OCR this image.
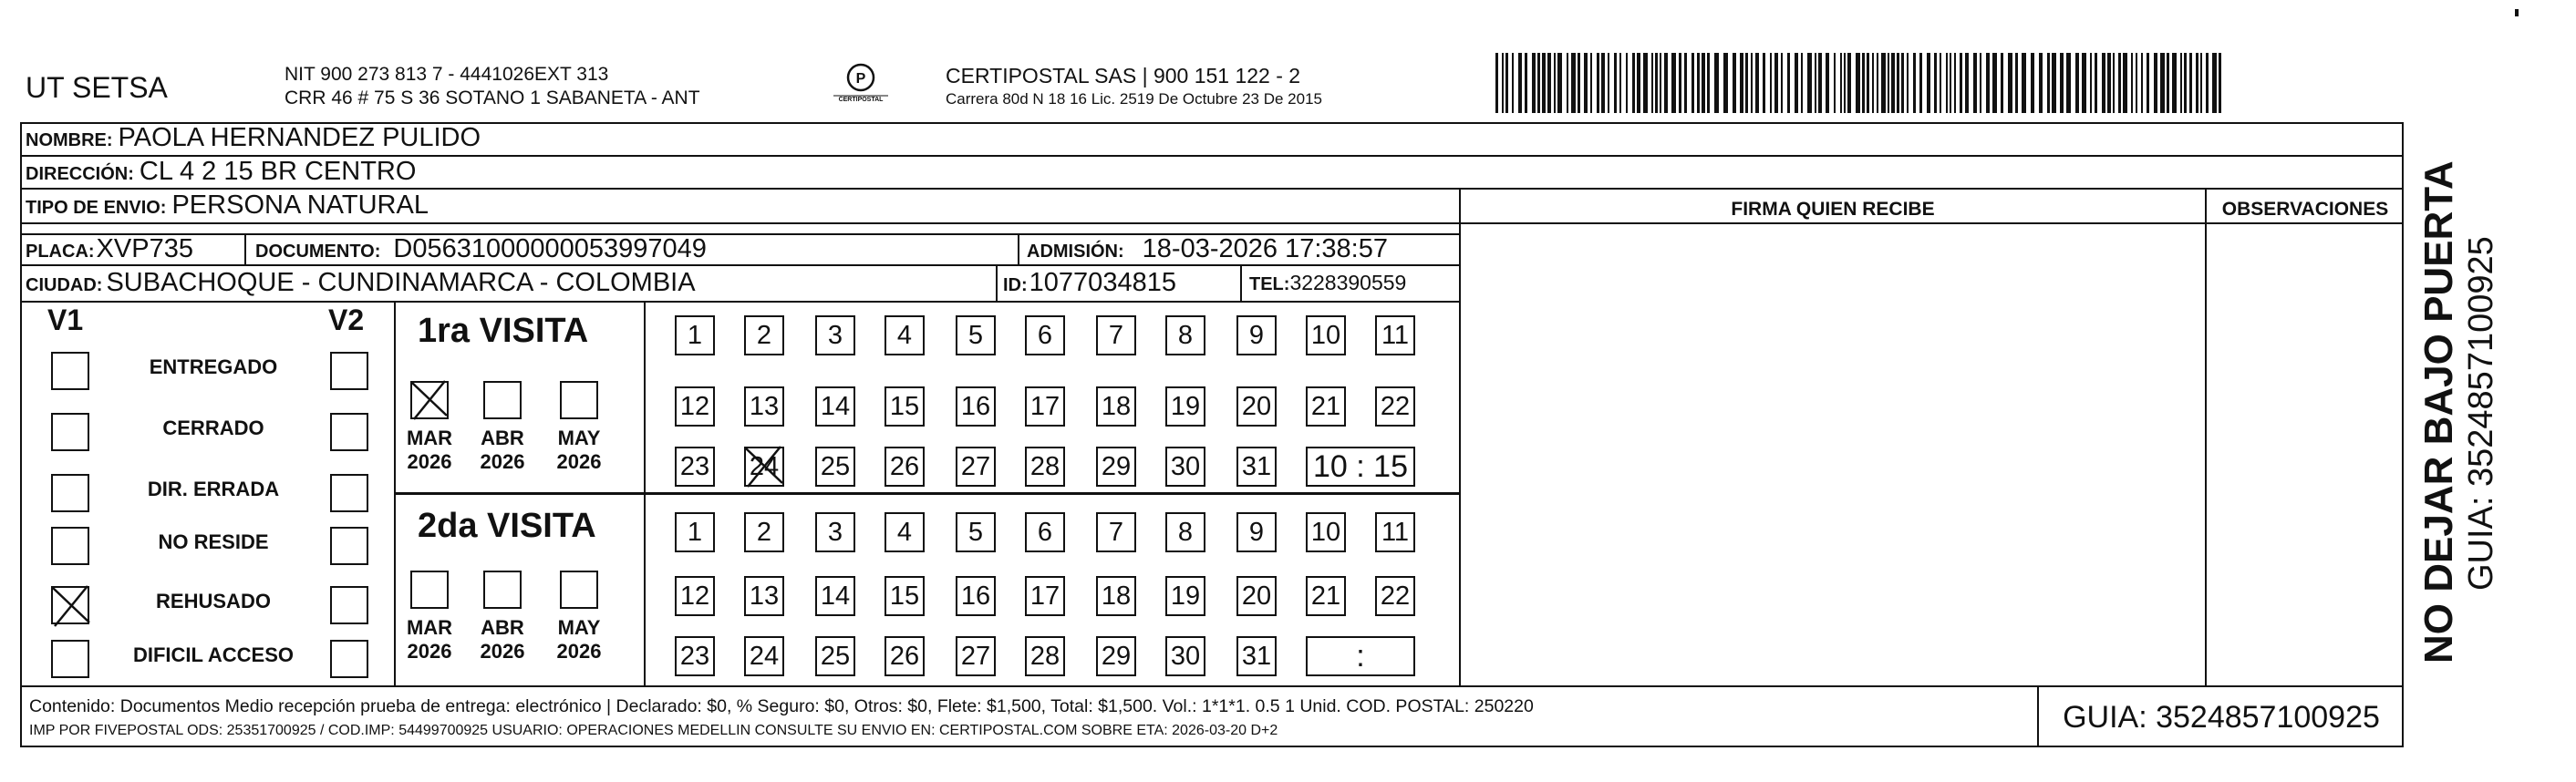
UT SETSA	NIT 900 273 813 7 - 4441026EXT 313
CRR 46 # 75 S 36 SOTANO 1 SABANETA - ANT
P
CERTIPOSTAL
CERTIPOSTAL SAS | 900 151 122 - 2
Carrera 80d N 18 16 Lic. 2519 De Octubre 23 De 2015
NOMBRE: PAOLA HERNANDEZ PULIDO
DIRECCIÓN: CL 4 2 15 BR CENTRO
TIPO DE ENVIO: PERSONA NATURAL
PLACA: XVP735	DOCUMENTO: D05631000000053997049	ADMISIÓN: 18-03-2026 17:38:57
CIUDAD: SUBACHOQUE - CUNDINAMARCA - COLOMBIA	ID: 1077034815	TEL: 3228390559
FIRMA QUIEN RECIBE	OBSERVACIONES
V1	V2
ENTREGADO
CERRADO
DIR. ERRADA
NO RESIDE
REHUSADO
DIFICIL ACCESO
1ra VISITA
2da VISITA
MAR
2026
ABR
2026
MAY
2026
MAR
2026
ABR
2026
MAY
2026
1 2 3 4 5 6 7 8 9 10 11
12 13 14 15 16 17 18 19 20 21 22
23 24 25 26 27 28 29 30 31 10 : 15
1 2 3 4 5 6 7 8 9 10 11
12 13 14 15 16 17 18 19 20 21 22
23 24 25 26 27 28 29 30 31	:
Contenido: Documentos Medio recepción prueba de entrega: electrónico | Declarado: $0, % Seguro: $0, Otros: $0, Flete: $1,500, Total: $1,500. Vol.: 1*1*1. 0.5 1 Unid. COD. POSTAL: 250220
IMP POR FIVEPOSTAL ODS: 25351700925 / COD.IMP: 54499700925 USUARIO: OPERACIONES MEDELLIN CONSULTE SU ENVIO EN: CERTIPOSTAL.COM SOBRE ETA: 2026-03-20 D+2	GUIA: 3524857100925
NO DEJAR BAJO PUERTA GUIA: 3524857100925
